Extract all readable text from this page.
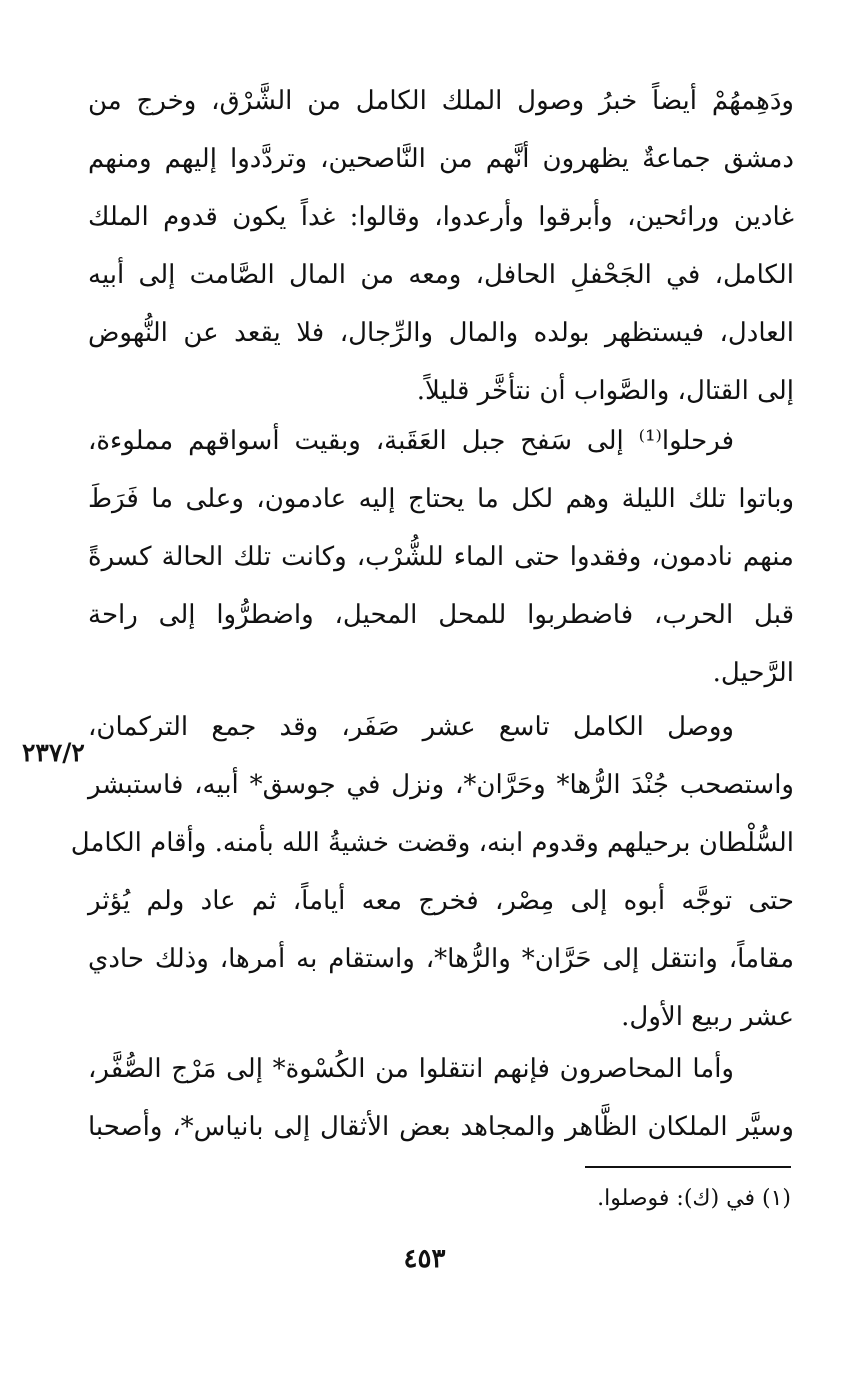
ودَهِمهُمْ أيضاً خبرُ وصول الملك الكامل من الشَّرْق، وخرج من
دمشق جماعةٌ يظهرون أنَّهم من النَّاصحين، وتردَّدوا إليهم ومنهم
غادين ورائحين، وأبرقوا وأرعدوا، وقالوا: غداً يكون قدوم الملك
الكامل، في الجَحْفلِ الحافل، ومعه من المال الصَّامت إلى أبيه
العادل، فيستظهر بولده والمال والرِّجال، فلا يقعد عن النُّهوض
إلى القتال، والصَّواب أن نتأخَّر قليلاً.
فرحلوا⁽¹⁾ إلى سَفح جبل العَقَبة، وبقيت أسواقهم مملوءة،
وباتوا تلك الليلة وهم لكل ما يحتاج إليه عادمون، وعلى ما فَرَطَ
منهم نادمون، وفقدوا حتى الماء للشُّرْب، وكانت تلك الحالة كسرةً
قبل الحرب، فاضطربوا للمحل المحيل، واضطرُّوا إلى راحة
الرَّحيل.
ووصل الكامل تاسع عشر صَفَر، وقد جمع التركمان،
واستصحب جُنْدَ الرُّها* وحَرَّان*، ونزل في جوسق* أبيه، فاستبشر
السُّلْطان برحيلهم وقدوم ابنه، وقضت خشيةُ الله بأمنه. وأقام الكامل
حتى توجَّه أبوه إلى مِصْر، فخرج معه أياماً، ثم عاد ولم يُؤثر
مقاماً، وانتقل إلى حَرَّان* والرُّها*، واستقام به أمرها، وذلك حادي
عشر ربيع الأول.
٢٣٧/٢
وأما المحاصرون فإنهم انتقلوا من الكُسْوة* إلى مَرْج الصُّفَّر،
وسيَّر الملكان الظَّاهر والمجاهد بعض الأثقال إلى بانياس*، وأصحبا
(١) في (ك): فوصلوا.
٤٥٣
